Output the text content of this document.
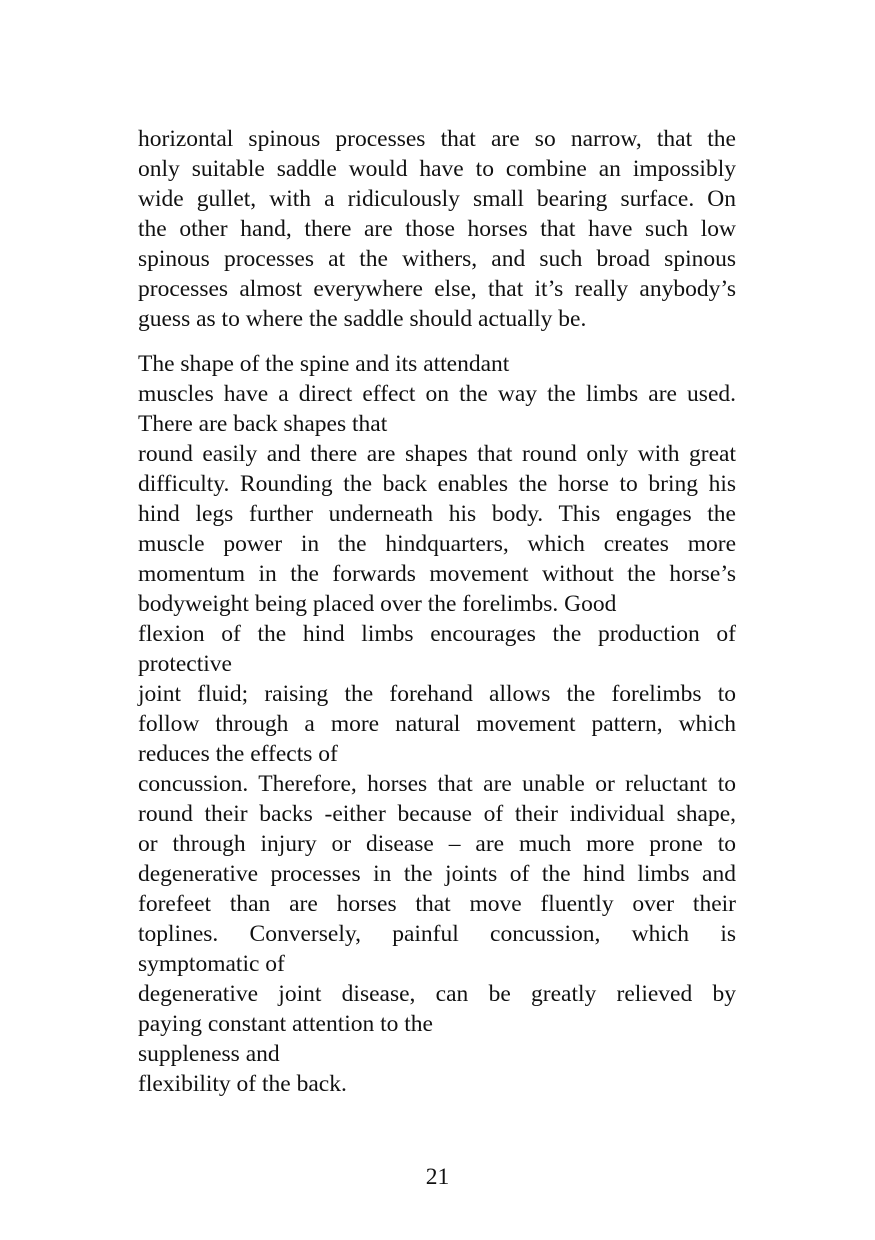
horizontal spinous processes that are so narrow, that the
only suitable saddle would have to combine an impossibly
wide gullet, with a ridiculously small bearing surface. On
the other hand, there are those horses that have such low
spinous processes at the withers, and such broad spinous
processes almost everywhere else, that it’s really anybody’s
guess as to where the saddle should actually be.
The shape of the spine and its attendant
muscles have a direct effect on the way the limbs are used.
There are back shapes that
round easily and there are shapes that round only with great
difficulty. Rounding the back enables the horse to bring his
hind legs further underneath his body. This engages the
muscle power in the hindquarters, which creates more
momentum in the forwards movement without the horse’s
bodyweight being placed over the forelimbs. Good
flexion of the hind limbs encourages the production of
protective
joint fluid; raising the forehand allows the forelimbs to
follow through a more natural movement pattern, which
reduces the effects of
concussion. Therefore, horses that are unable or reluctant to
round their backs -either because of their individual shape,
or through injury or disease – are much more prone to
degenerative processes in the joints of the hind limbs and
forefeet than are horses that move fluently over their
toplines. Conversely, painful concussion, which is
symptomatic of
degenerative joint disease, can be greatly relieved by
paying constant attention to the
suppleness and
flexibility of the back.
21
